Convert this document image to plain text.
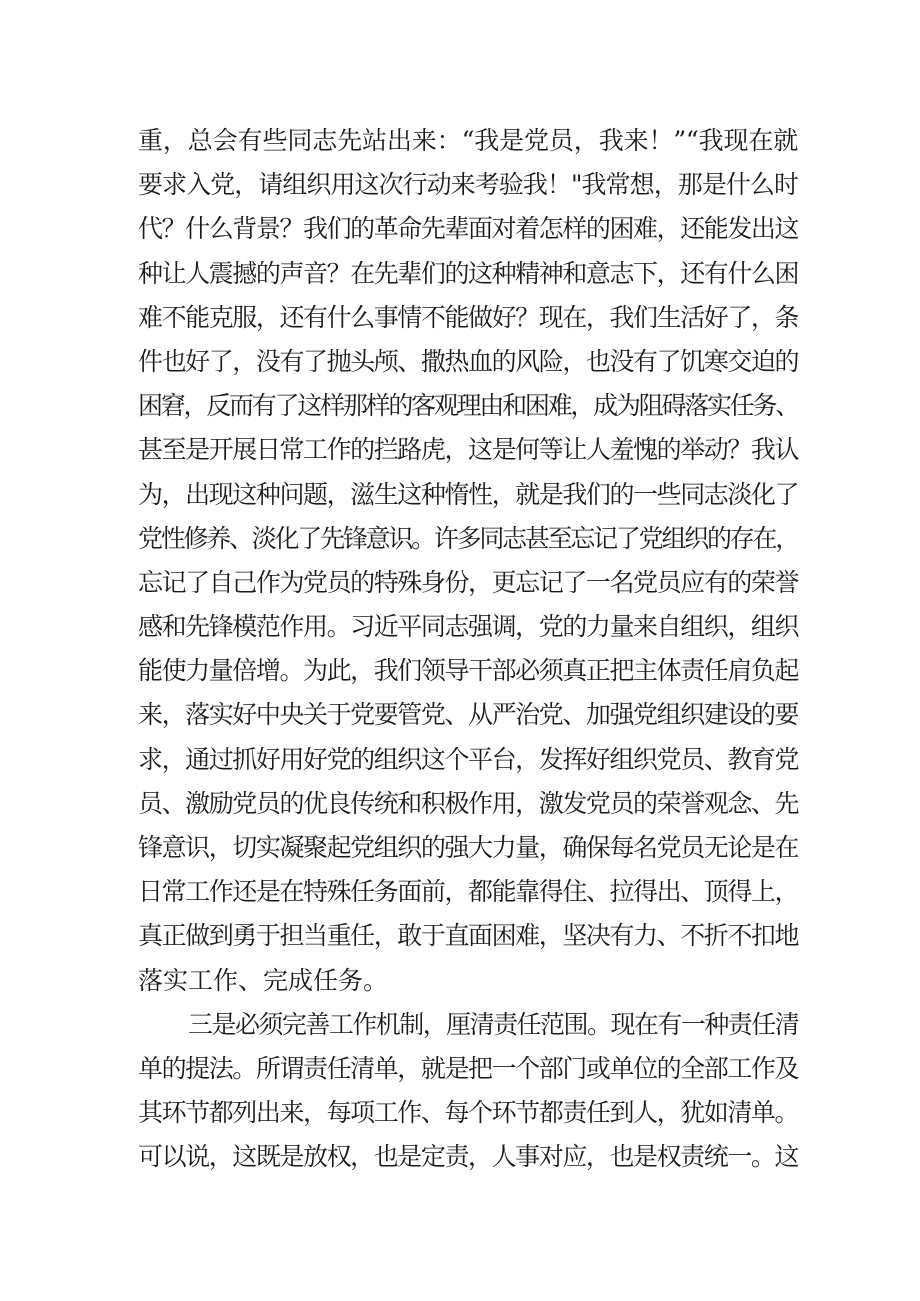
重，总会有些同志先站出来：“我是党员，我来！”“我现在就
要求入党，请组织用这次行动来考验我！"我常想，那是什么时
代？什么背景？我们的革命先辈面对着怎样的困难，还能发出这
种让人震撼的声音？在先辈们的这种精神和意志下，还有什么困
难不能克服，还有什么事情不能做好？现在，我们生活好了，条
件也好了，没有了抛头颅、撒热血的风险，也没有了饥寒交迫的
困窘，反而有了这样那样的客观理由和困难，成为阻碍落实任务、
甚至是开展日常工作的拦路虎，这是何等让人羞愧的举动？我认
为，出现这种问题，滋生这种惰性，就是我们的一些同志淡化了
党性修养、淡化了先锋意识。许多同志甚至忘记了党组织的存在，
忘记了自己作为党员的特殊身份，更忘记了一名党员应有的荣誉
感和先锋模范作用。习近平同志强调，党的力量来自组织，组织
能使力量倍增。为此，我们领导干部必须真正把主体责任肩负起
来，落实好中央关于党要管党、从严治党、加强党组织建设的要
求，通过抓好用好党的组织这个平台，发挥好组织党员、教育党
员、激励党员的优良传统和积极作用，激发党员的荣誉观念、先
锋意识，切实凝聚起党组织的强大力量，确保每名党员无论是在
日常工作还是在特殊任务面前，都能靠得住、拉得出、顶得上，
真正做到勇于担当重任，敢于直面困难，坚决有力、不折不扣地
落实工作、完成任务。
三是必须完善工作机制，厘清责任范围。现在有一种责任清
单的提法。所谓责任清单，就是把一个部门或单位的全部工作及
其环节都列出来，每项工作、每个环节都责任到人，犹如清单。
可以说，这既是放权，也是定责，人事对应，也是权责统一。这
